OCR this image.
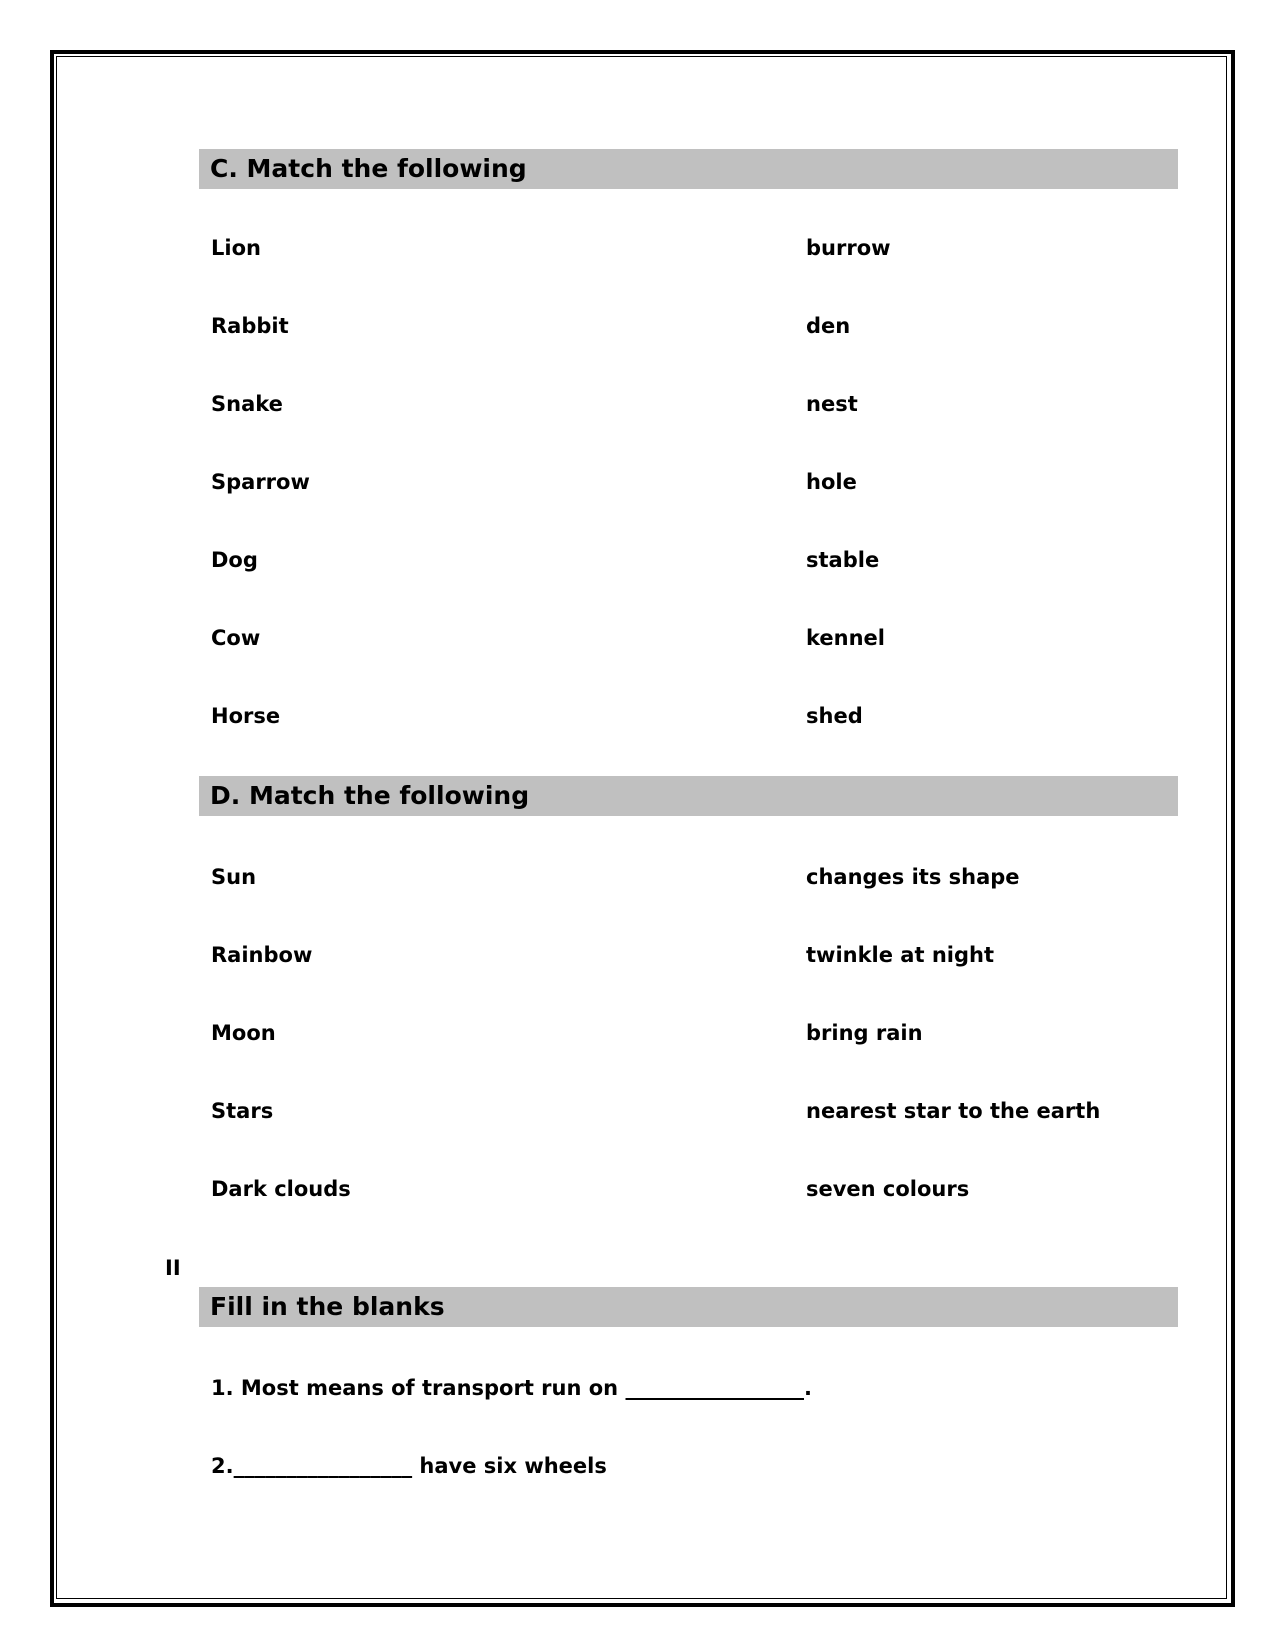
C. Match the following
Lion	burrow
Rabbit	den
Snake	nest
Sparrow	hole
Dog	stable
Cow	kennel
Horse	shed
D. Match the following
Sun	changes its shape
Rainbow	twinkle at night
Moon	bring rain
Stars	nearest star to the earth
Dark clouds	seven colours
II
Fill in the blanks
1. Most means of transport run on _________________.
2._________________ have six wheels
